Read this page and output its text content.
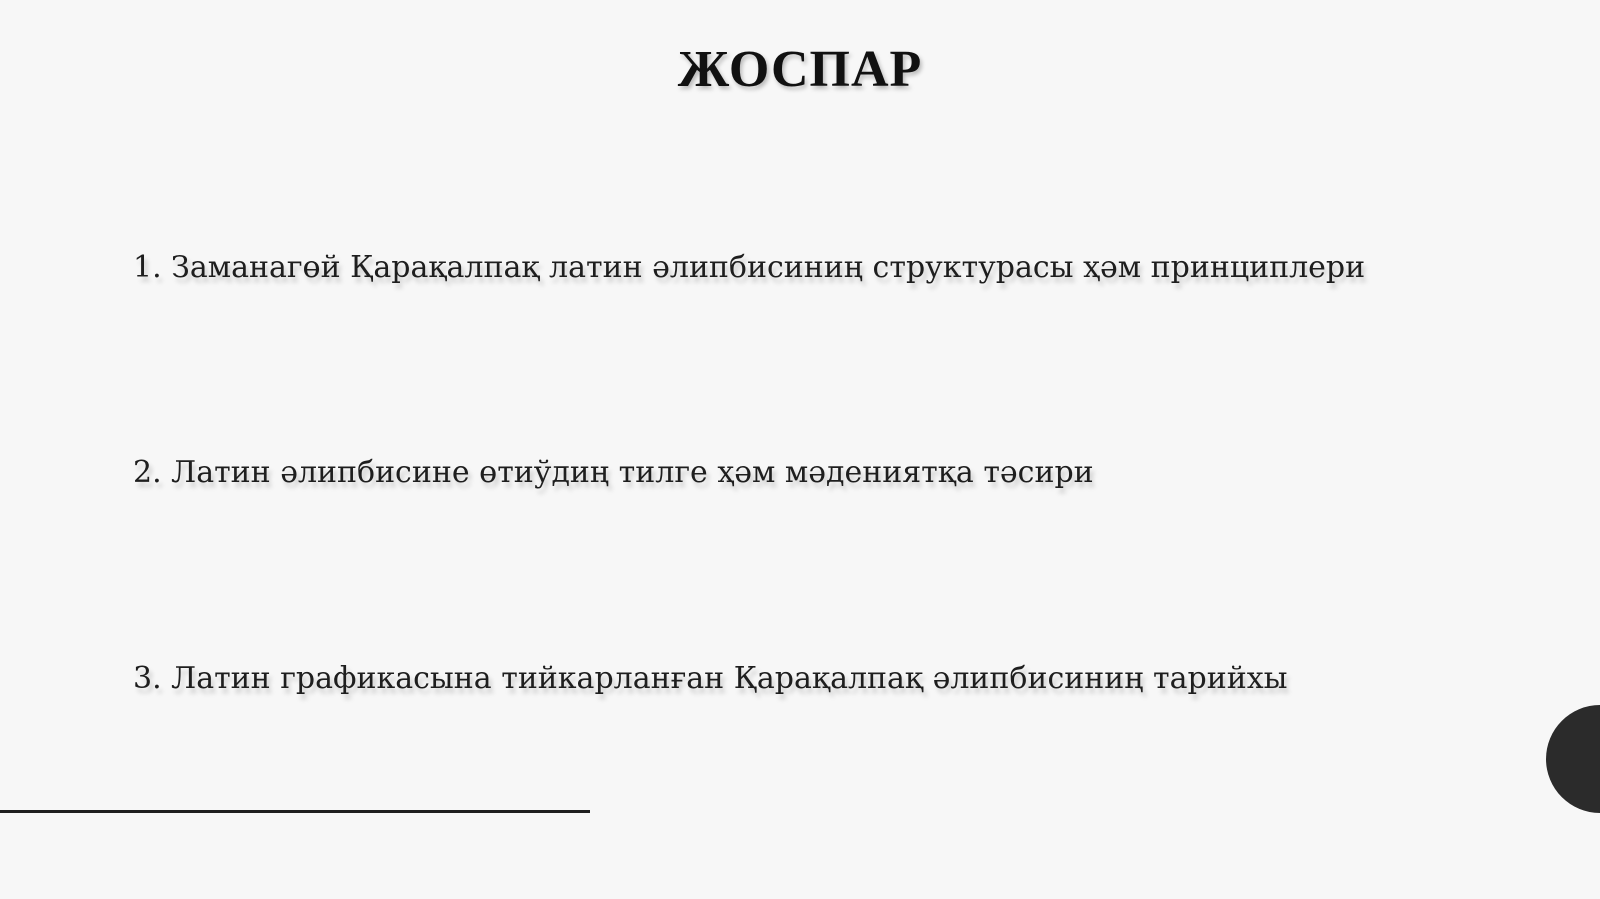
ЖОСПАР

1. Заманагөй Қарақалпақ латин әлипбисиниң структурасы ҳәм принциплери

2. Латин әлипбисине өтиўдиң тилге ҳәм мәдениятқа тәсири

3. Латин графикасына тийкарланған Қарақалпақ әлипбисиниң тарийхы
